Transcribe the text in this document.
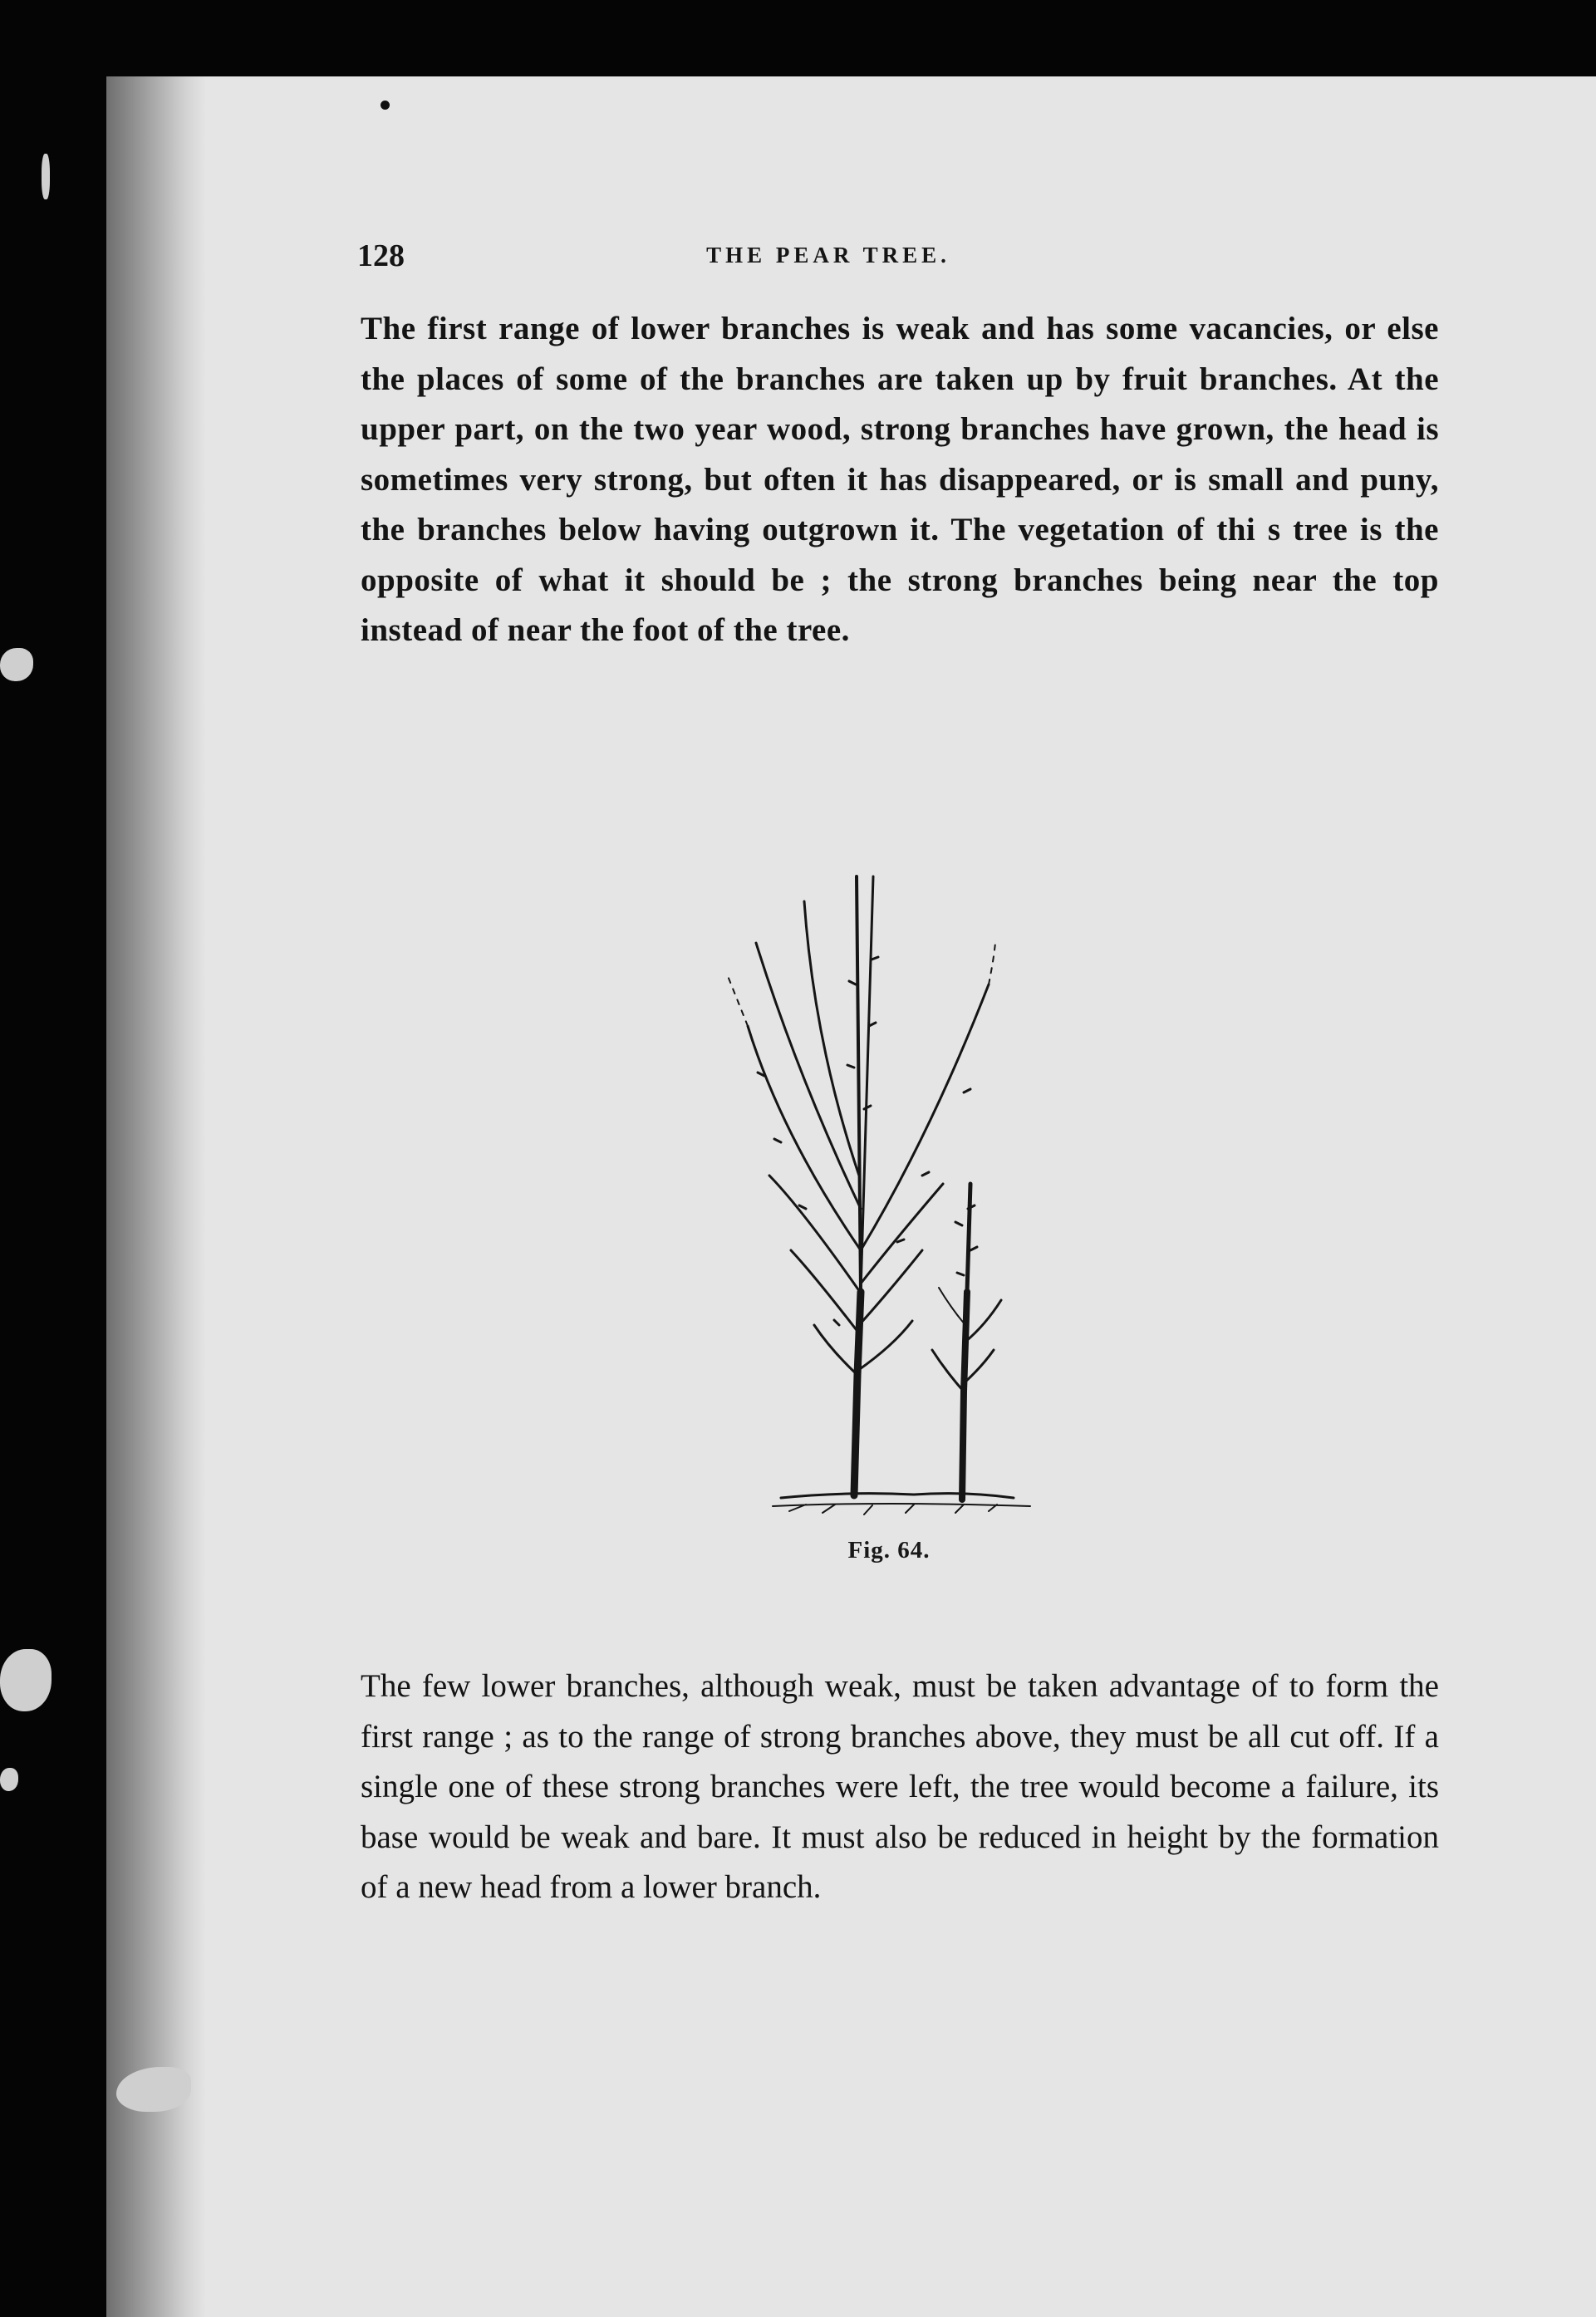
128	THE PEAR TREE.

The first range of lower branches is weak and has some vacancies, or else the places of some of the branches are taken up by fruit branches. At the upper part, on the two year wood, strong branches have grown, the head is sometimes very strong, but often it has disappeared, or is small and puny, the branches below having outgrown it. The vegetation of thi s tree is the opposite of what it should be ; the strong branches being near the top instead of near the foot of the tree.

Fig. 64.

The few lower branches, although weak, must be taken advantage of to form the first range ; as to the range of strong branches above, they must be all cut off. If a single one of these strong branches were left, the tree would become a failure, its base would be weak and bare. It must also be reduced in height by the formation of a new head from a lower branch.
